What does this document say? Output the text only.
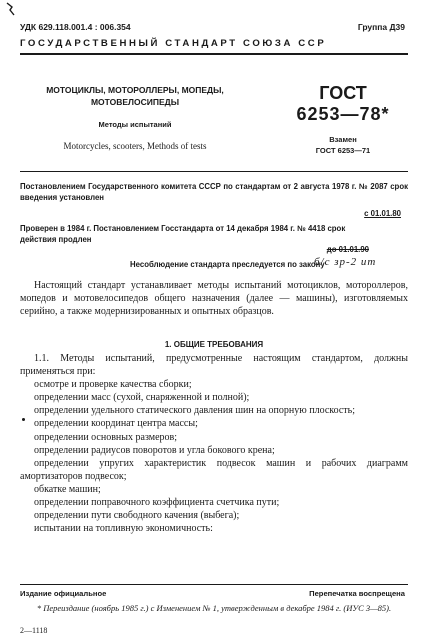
УДК 629.118.001.4 : 006.354	Группа Д39
ГОСУДАРСТВЕННЫЙ СТАНДАРТ СОЮЗА ССР
МОТОЦИКЛЫ, МОТОРОЛЛЕРЫ, МОПЕДЫ, МОТОВЕЛОСИПЕДЫ
Методы испытаний
Motorcycles, scooters, Methods of tests
ГОСТ
6253—78*
Взамен
ГОСТ 6253—71
Постановлением Государственного комитета СССР по стандартам от 2 августа 1978 г. № 2087 срок введения установлен
с 01.01.80
Проверен в 1984 г. Постановлением Госстандарта от 14 декабря 1984 г. № 4418 срок действия продлен
до 01.01.90
Несоблюдение стандарта преследуется по закону
б/с зр-2 ит
Настоящий стандарт устанавливает методы испытаний мотоциклов, мотороллеров, мопедов и мотовелосипедов общего назначения (далее — машины), изготовляемых серийно, а также модернизированных и опытных образцов.
1. ОБЩИЕ ТРЕБОВАНИЯ

1.1. Методы испытаний, предусмотренные настоящим стандартом, должны применяться при:

осмотре и проверке качества сборки;

определении масс (сухой, снаряженной и полной);

определении удельного статического давления шин на опорную плоскость;

определении координат центра массы;

определении основных размеров;

определении радиусов поворотов и угла бокового крена;

определении упругих характеристик подвесок машин и рабочих диаграмм амортизаторов подвесок;

обкатке машин;

определении поправочного коэффициента счетчика пути;

определении пути свободного качения (выбега);

испытании на топливную экономичность:

Издание официальное	Перепечатка воспрещена
* Переиздание (ноябрь 1985 г.) с Изменением № 1, утвержденным в декабре 1984 г. (ИУС 3—85).
2—1118
